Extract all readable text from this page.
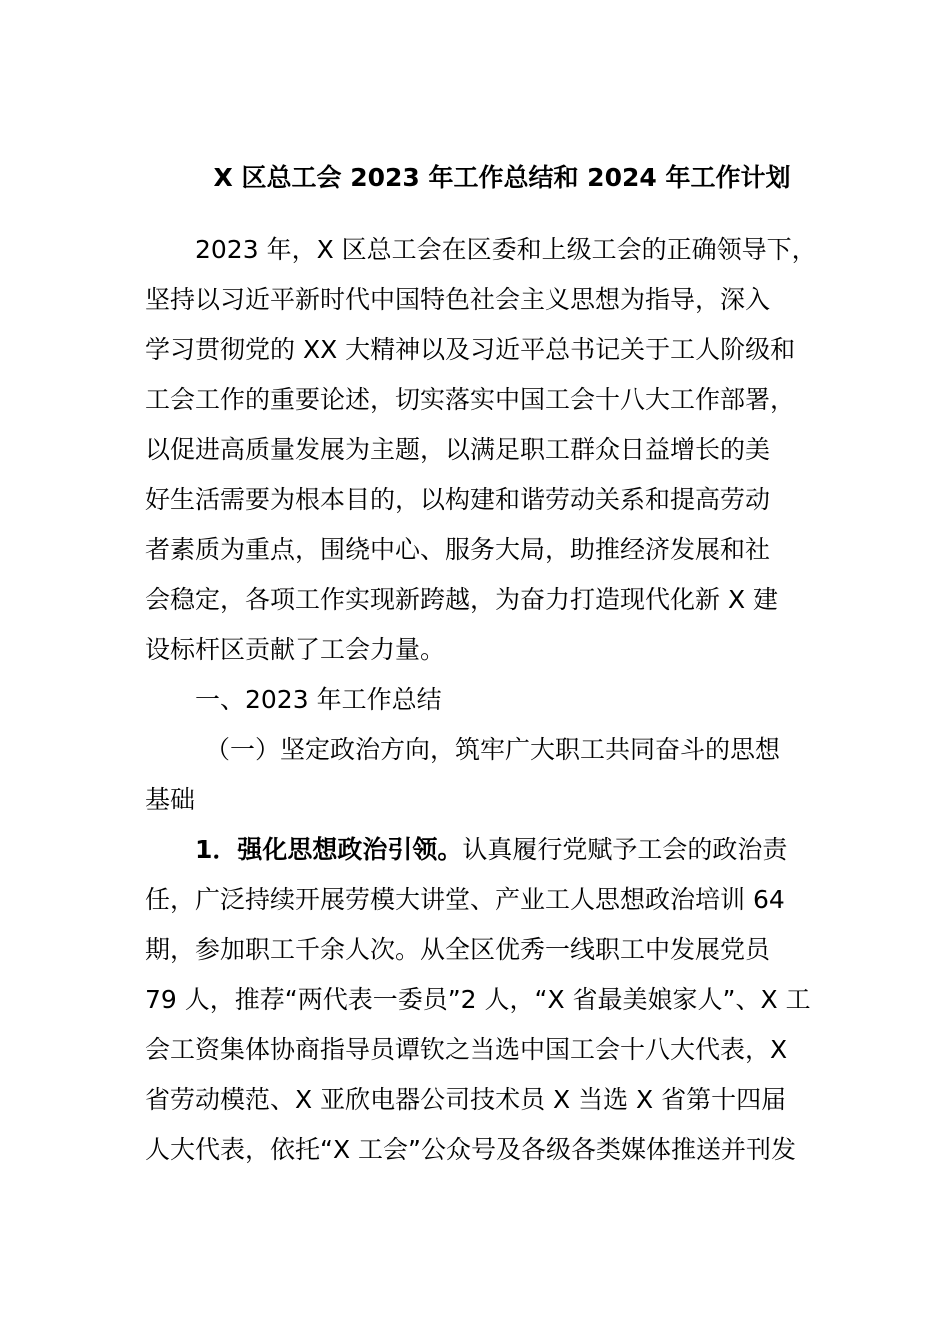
X 区总工会 2023 年工作总结和 2024 年工作计划
2023 年，X 区总工会在区委和上级工会的正确领导下，
坚持以习近平新时代中国特色社会主义思想为指导，深入
学习贯彻党的 XX 大精神以及习近平总书记关于工人阶级和
工会工作的重要论述，切实落实中国工会十八大工作部署，
以促进高质量发展为主题，以满足职工群众日益增长的美
好生活需要为根本目的，以构建和谐劳动关系和提高劳动
者素质为重点，围绕中心、服务大局，助推经济发展和社
会稳定，各项工作实现新跨越，为奋力打造现代化新 X 建
设标杆区贡献了工会力量。
一、2023 年工作总结
（一）坚定政治方向，筑牢广大职工共同奋斗的思想
基础
1．强化思想政治引领。认真履行党赋予工会的政治责
任，广泛持续开展劳模大讲堂、产业工人思想政治培训 64
期，参加职工千余人次。从全区优秀一线职工中发展党员
79 人，推荐“两代表一委员”2 人，“X 省最美娘家人”、X 工
会工资集体协商指导员谭钦之当选中国工会十八大代表，X
省劳动模范、X 亚欣电器公司技术员 X 当选 X 省第十四届
人大代表，依托“X 工会”公众号及各级各类媒体推送并刊发
